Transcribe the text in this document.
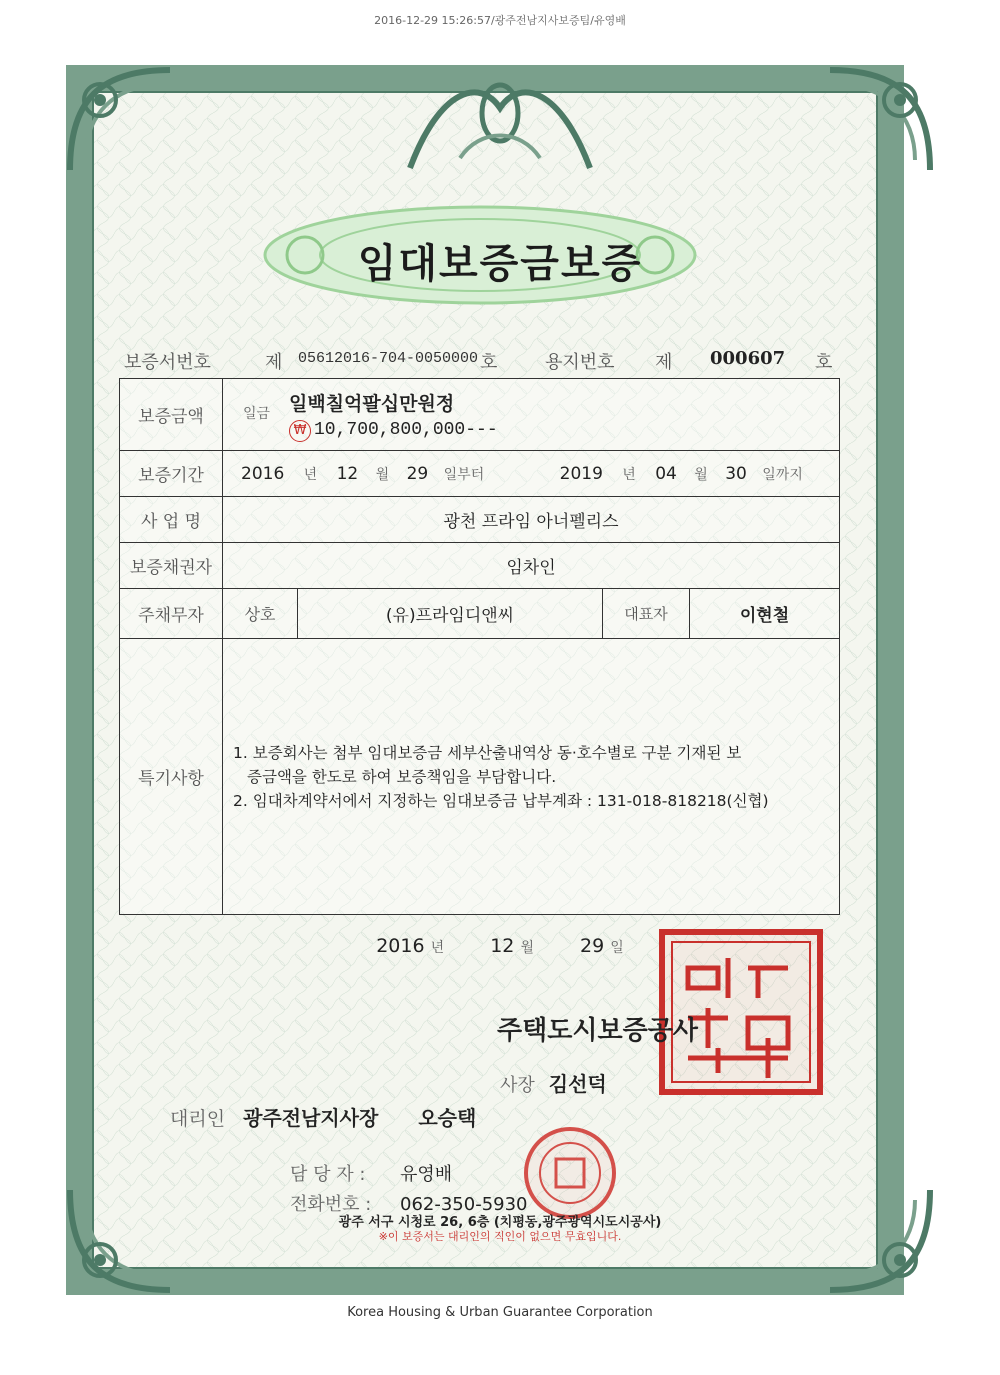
2016-12-29 15:26:57/광주전남지사보증팀/유영배
임대보증금보증
보증서번호	제 05612016-704-0050000 호	용지번호 제 000607 호
보증금액	일금 일백칠억팔십만원정
₩ 10,700,800,000---			

보증기간	2016 년 12 월 29 일부터 2019 년 04 월 30 일까지			
사 업 명	광천 프라임 아너펠리스			
보증채권자	임차인			
주채무자	상호	(유)프라임디앤씨	대표자	이현철
특기사항	1. 보증회사는 첨부 임대보증금 세부산출내역상 동·호수별로 구분 기재된 보
증금액을 한도로 하여 보증책임을 부담합니다.
2. 임대차계약서에서 지정하는 임대보증금 납부계좌 : 131-018-818218(신협)			
2016 년 12 월 29 일
주택도시보증공사
사장 김선덕
대리인 광주전남지사장 오승택
담 당 자 : 유영배
전화번호 : 062-350-5930
광주 서구 시청로 26, 6층 (치평동,광주광역시도시공사)
※이 보증서는 대리인의 직인이 없으면 무효입니다.
Korea Housing & Urban Guarantee Corporation
